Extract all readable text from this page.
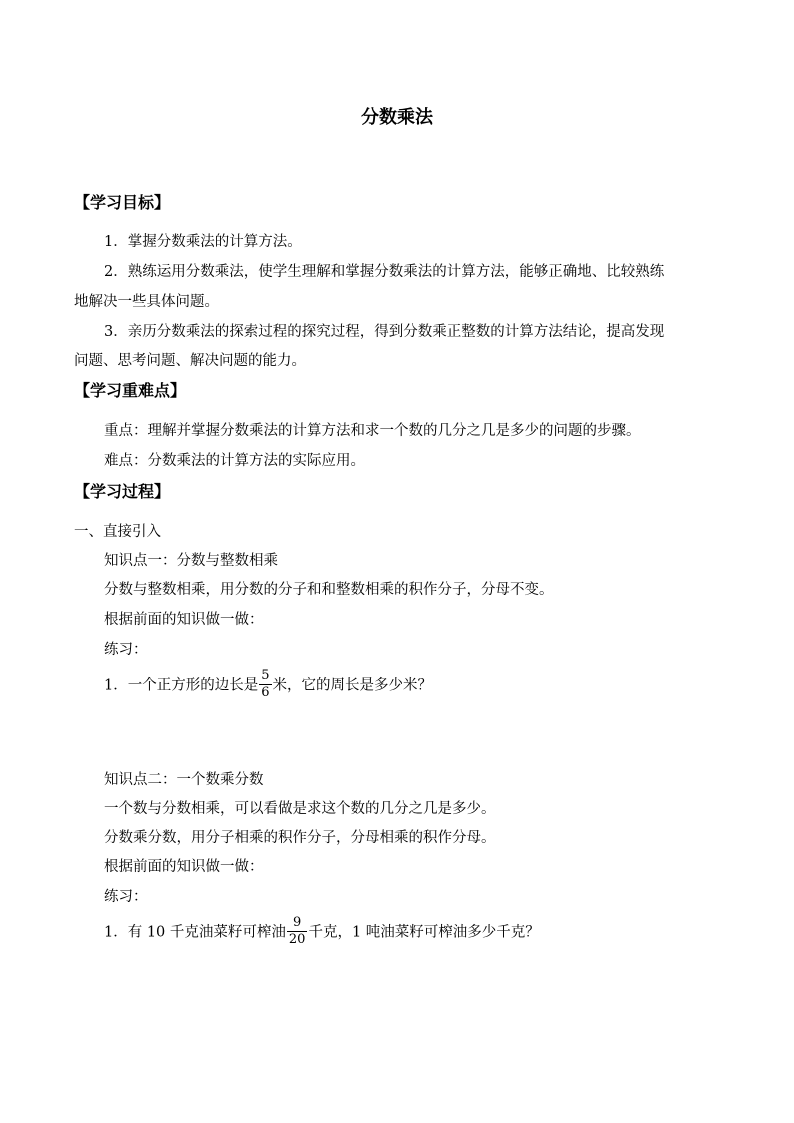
分数乘法
【学习目标】
1．掌握分数乘法的计算方法。
2．熟练运用分数乘法，使学生理解和掌握分数乘法的计算方法，能够正确地、比较熟练
地解决一些具体问题。
3．亲历分数乘法的探索过程的探究过程，得到分数乘正整数的计算方法结论，提高发现
问题、思考问题、解决问题的能力。
【学习重难点】
重点：理解并掌握分数乘法的计算方法和求一个数的几分之几是多少的问题的步骤。
难点：分数乘法的计算方法的实际应用。
【学习过程】
一、直接引入
知识点一：分数与整数相乘
分数与整数相乘，用分数的分子和和整数相乘的积作分子，分母不变。
根据前面的知识做一做：
练习：
1．一个正方形的边长是 $\frac{5}{6}$ 米，它的周长是多少米？
知识点二：一个数乘分数
一个数与分数相乘，可以看做是求这个数的几分之几是多少。
分数乘分数，用分子相乘的积作分子，分母相乘的积作分母。
根据前面的知识做一做：
练习：
1．有 10 千克油菜籽可榨油 $\frac{9}{20}$ 千克，1 吨油菜籽可榨油多少千克？
